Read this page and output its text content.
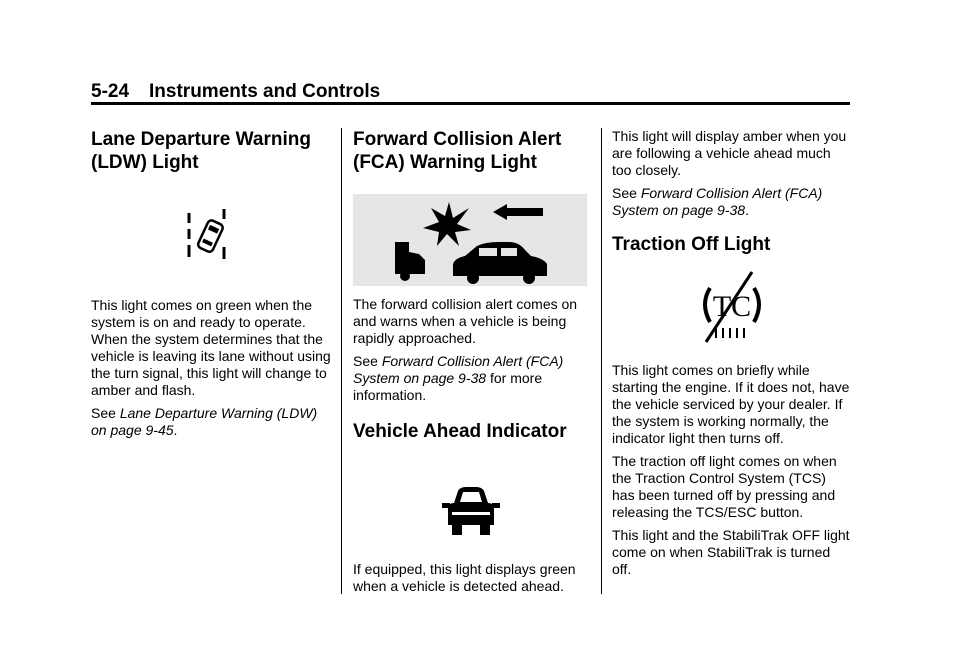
5-24 Instruments and Controls
Lane Departure Warning (LDW) Light

This light comes on green when the system is on and ready to operate. When the system determines that the vehicle is leaving its lane without using the turn signal, this light will change to amber and flash.

See Lane Departure Warning (LDW) on page 9-45.

Forward Collision Alert (FCA) Warning Light

The forward collision alert comes on and warns when a vehicle is being rapidly approached.

See Forward Collision Alert (FCA) System on page 9-38 for more information.

Vehicle Ahead Indicator

If equipped, this light displays green when a vehicle is detected ahead.

This light will display amber when you are following a vehicle ahead much too closely.

See Forward Collision Alert (FCA) System on page 9-38.

Traction Off Light
TC

This light comes on briefly while starting the engine. If it does not, have the vehicle serviced by your dealer. If the system is working normally, the indicator light then turns off.

The traction off light comes on when the Traction Control System (TCS) has been turned off by pressing and releasing the TCS/ESC button.

This light and the StabiliTrak OFF light come on when StabiliTrak is turned off.
